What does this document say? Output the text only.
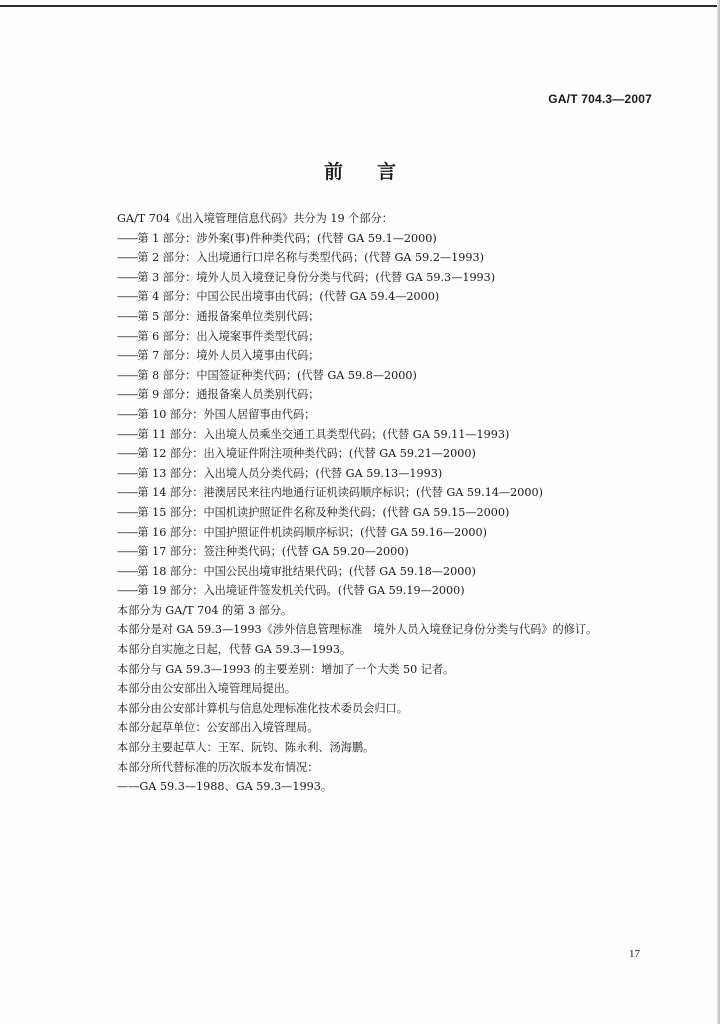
GA/T 704.3—2007
前言
GA/T 704《出入境管理信息代码》共分为 19 个部分：
——第 1 部分：涉外案(事)件种类代码；(代替 GA 59.1—2000)
——第 2 部分：入出境通行口岸名称与类型代码；(代替 GA 59.2—1993)
——第 3 部分：境外人员入境登记身份分类与代码；(代替 GA 59.3—1993)
——第 4 部分：中国公民出境事由代码；(代替 GA 59.4—2000)
——第 5 部分：通报备案单位类别代码；
——第 6 部分：出入境案事件类型代码；
——第 7 部分：境外人员入境事由代码；
——第 8 部分：中国签证种类代码；(代替 GA 59.8—2000)
——第 9 部分：通报备案人员类别代码；
——第 10 部分：外国人居留事由代码；
——第 11 部分：入出境人员乘坐交通工具类型代码；(代替 GA 59.11—1993)
——第 12 部分：出入境证件附注项种类代码；(代替 GA 59.21—2000)
——第 13 部分：入出境人员分类代码；(代替 GA 59.13—1993)
——第 14 部分：港澳居民来往内地通行证机读码顺序标识；(代替 GA 59.14—2000)
——第 15 部分：中国机读护照证件名称及种类代码；(代替 GA 59.15—2000)
——第 16 部分：中国护照证件机读码顺序标识；(代替 GA 59.16—2000)
——第 17 部分：签注种类代码；(代替 GA 59.20—2000)
——第 18 部分：中国公民出境审批结果代码；(代替 GA 59.18—2000)
——第 19 部分：入出境证件签发机关代码。(代替 GA 59.19—2000)
本部分为 GA/T 704 的第 3 部分。
本部分是对 GA 59.3—1993《涉外信息管理标准　境外人员入境登记身份分类与代码》的修订。
本部分自实施之日起，代替 GA 59.3—1993。
本部分与 GA 59.3—1993 的主要差别：增加了一个大类 50 记者。
本部分由公安部出入境管理局提出。
本部分由公安部计算机与信息处理标准化技术委员会归口。
本部分起草单位：公安部出入境管理局。
本部分主要起草人：王军、阮钧、陈永利、汤海鹏。
本部分所代替标准的历次版本发布情况：
——GA 59.3—1988、GA 59.3—1993。
17
